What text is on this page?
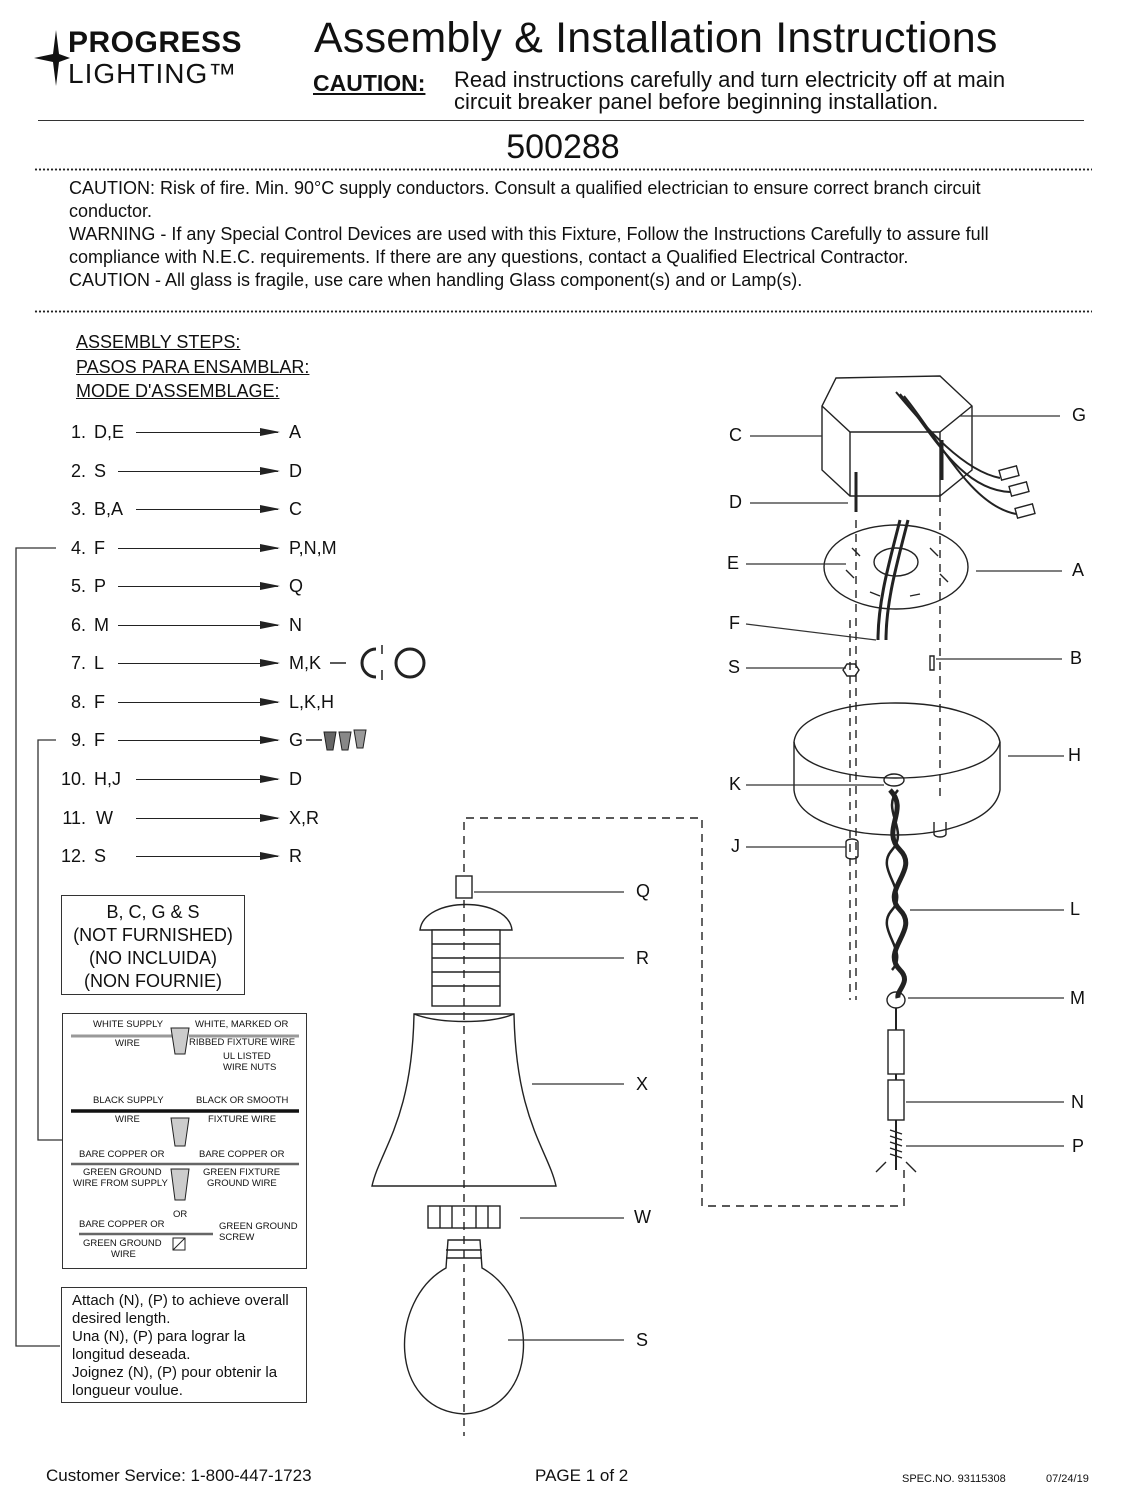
PROGRESS
LIGHTING™
Assembly & Installation Instructions
CAUTION: Read instructions carefully and turn electricity off at main
circuit breaker panel before beginning installation.
500288
CAUTION: Risk of fire. Min. 90°C supply conductors. Consult a qualified electrician to ensure correct branch circuit
conductor.
WARNING - If any Special Control Devices are used with this Fixture, Follow the Instructions Carefully to assure full
compliance with N.E.C. requirements. If there are any questions, contact a Qualified Electrical Contractor.
CAUTION - All glass is fragile, use care when handling Glass component(s) and or Lamp(s).
ASSEMBLY STEPS:
PASOS PARA ENSAMBLAR:
MODE D'ASSEMBLAGE:
1. D,E	A
2. S	D
3. B,A	C
4. F	P,N,M
5. P	Q
6. M	N
7. L	M,K
8. F	L,K,H
9. F	G
10. H,J	D
11. W	X,R
12. S	R
B, C, G & S
(NOT FURNISHED)
(NO INCLUIDA)
(NON FOURNIE)
WHITE SUPPLY
WIRE
WHITE, MARKED OR
RIBBED FIXTURE WIRE
UL LISTED
WIRE NUTS
BLACK SUPPLY
WIRE
BLACK OR SMOOTH
FIXTURE WIRE
BARE COPPER OR
GREEN GROUND
WIRE FROM SUPPLY
BARE COPPER OR
GREEN FIXTURE
GROUND WIRE
OR
BARE COPPER OR
GREEN GROUND
WIRE
GREEN GROUND
SCREW
Attach (N), (P) to achieve overall
desired length.
Una (N), (P) para lograr la
longitud deseada.
Joignez (N), (P) pour obtenir la
longueur voulue.
G
C
D
A
E
F
B
S
H
K
J
L
M
N
P
Q
R
X
W
S
Customer Service: 1-800-447-1723	PAGE 1 of 2	SPEC.NO. 93115308	07/24/19
